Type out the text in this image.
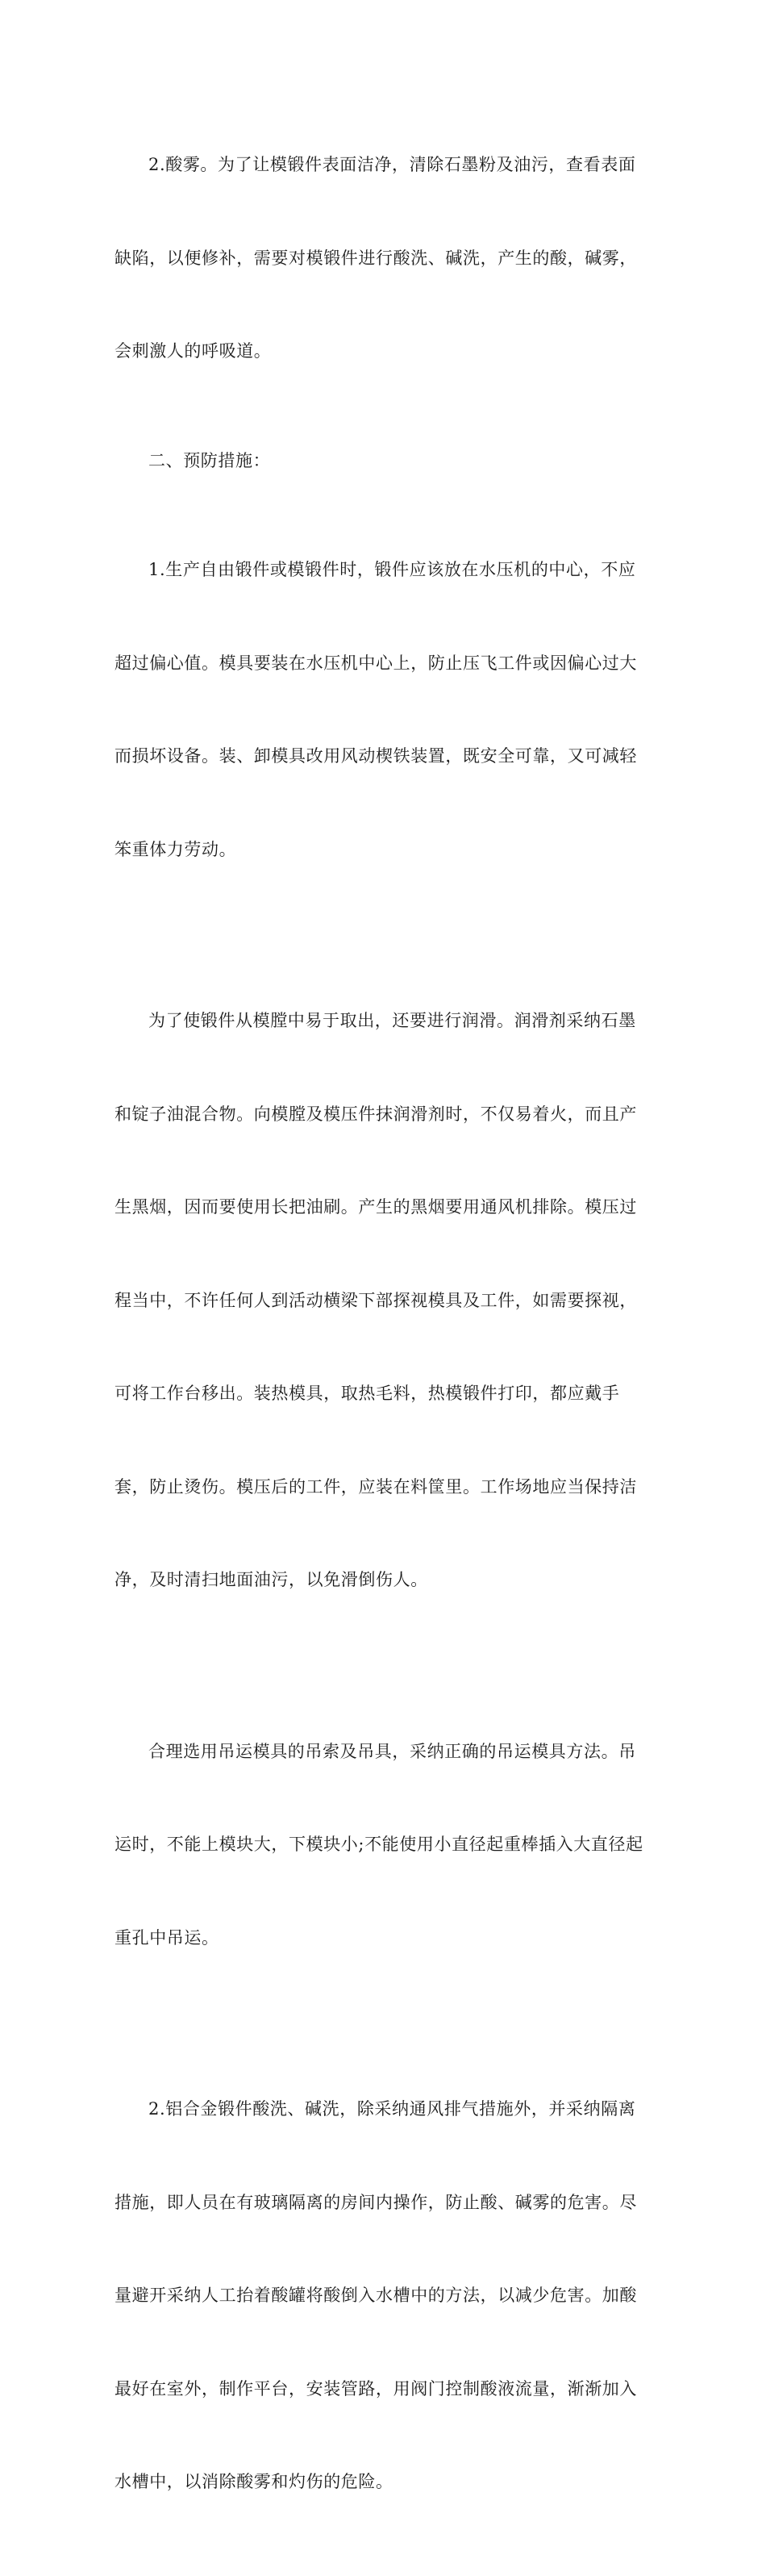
2.酸雾。为了让模锻件表面洁净，清除石墨粉及油污，查看表面

缺陷，以便修补，需要对模锻件进行酸洗、碱洗，产生的酸，碱雾，

会刺激人的呼吸道。

二、预防措施：

1.生产自由锻件或模锻件时，锻件应该放在水压机的中心，不应

超过偏心值。模具要装在水压机中心上，防止压飞工件或因偏心过大

而损坏设备。装、卸模具改用风动楔铁装置，既安全可靠，又可减轻

笨重体力劳动。

为了使锻件从模膛中易于取出，还要进行润滑。润滑剂采纳石墨

和锭子油混合物。向模膛及模压件抹润滑剂时，不仅易着火，而且产

生黑烟，因而要使用长把油刷。产生的黑烟要用通风机排除。模压过

程当中，不许任何人到活动横梁下部探视模具及工件，如需要探视，

可将工作台移出。装热模具，取热毛料，热模锻件打印，都应戴手

套，防止烫伤。模压后的工件，应装在料筐里。工作场地应当保持洁

净，及时清扫地面油污，以免滑倒伤人。

合理选用吊运模具的吊索及吊具，采纳正确的吊运模具方法。吊

运时，不能上模块大，下模块小;不能使用小直径起重棒插入大直径起

重孔中吊运。

2.铝合金锻件酸洗、碱洗，除采纳通风排气措施外，并采纳隔离

措施，即人员在有玻璃隔离的房间内操作，防止酸、碱雾的危害。尽

量避开采纳人工抬着酸罐将酸倒入水槽中的方法，以减少危害。加酸

最好在室外，制作平台，安装管路，用阀门控制酸液流量，渐渐加入

水槽中，以消除酸雾和灼伤的危险。
